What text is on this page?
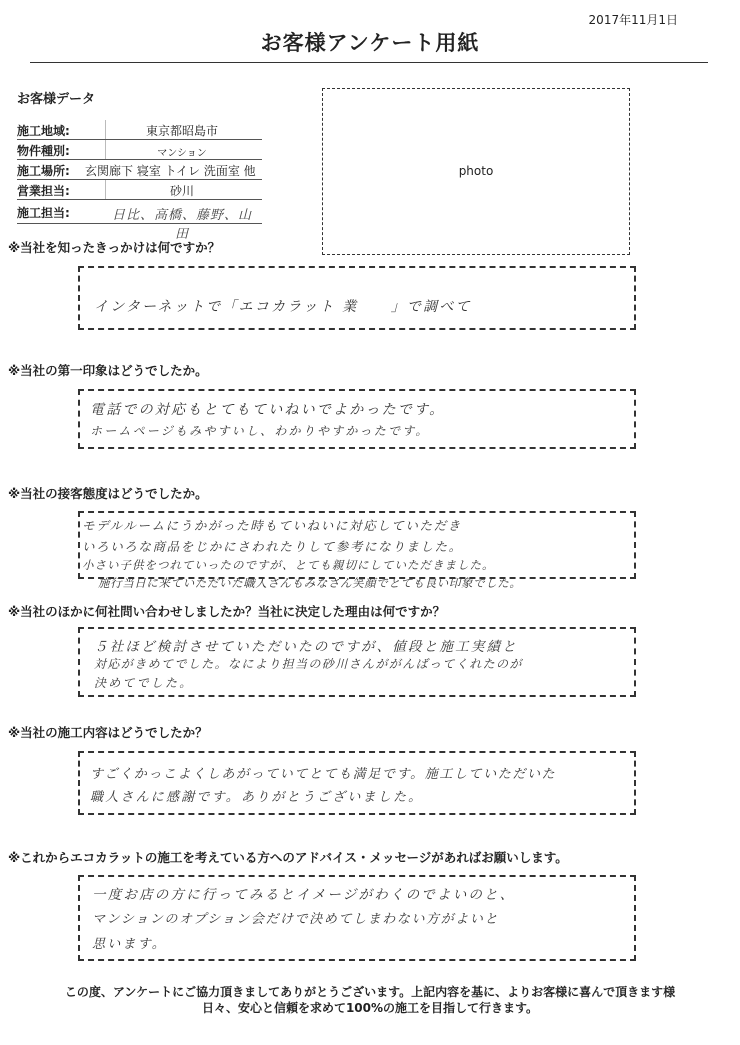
2017年11月1日
お客様アンケート用紙
お客様データ
施工地域:	東京都昭島市
物件種別:	マンション
施工場所: 玄関廊下 寝室 トイレ 洗面室 他
営業担当:	砂川
施工担当:	日比、高橋、藤野、山田
photo
※当社を知ったきっかけは何ですか？
インターネットで「エコカラット 業　　」で調べて
※当社の第一印象はどうでしたか。
電話での対応もとてもていねいでよかったです。
ホームページもみやすいし、わかりやすかったです。
※当社の接客態度はどうでしたか。
モデルルームにうかがった時もていねいに対応していただき
いろいろな商品をじかにさわれたりして参考になりました。
小さい子供をつれていったのですが、とても親切にしていただきました。
施行当日に来ていただいた職人さんもみなさん笑顔でとても良い印象でした。
※当社のほかに何社問い合わせしましたか？当社に決定した理由は何ですか？
５社ほど検討させていただいたのですが、値段と施工実績と
対応がきめてでした。なにより担当の砂川さんががんばってくれたのが
決めてでした。
※当社の施工内容はどうでしたか？
すごくかっこよくしあがっていてとても満足です。施工していただいた
職人さんに感謝です。ありがとうございました。
※これからエコカラットの施工を考えている方へのアドバイス・メッセージがあればお願いします。
一度お店の方に行ってみるとイメージがわくのでよいのと、
マンションのオプション会だけで決めてしまわない方がよいと
思います。
この度、アンケートにご協力頂きましてありがとうございます。上記内容を基に、よりお客様に喜んで頂きます様
日々、安心と信頼を求めて100%の施工を目指して行きます。
